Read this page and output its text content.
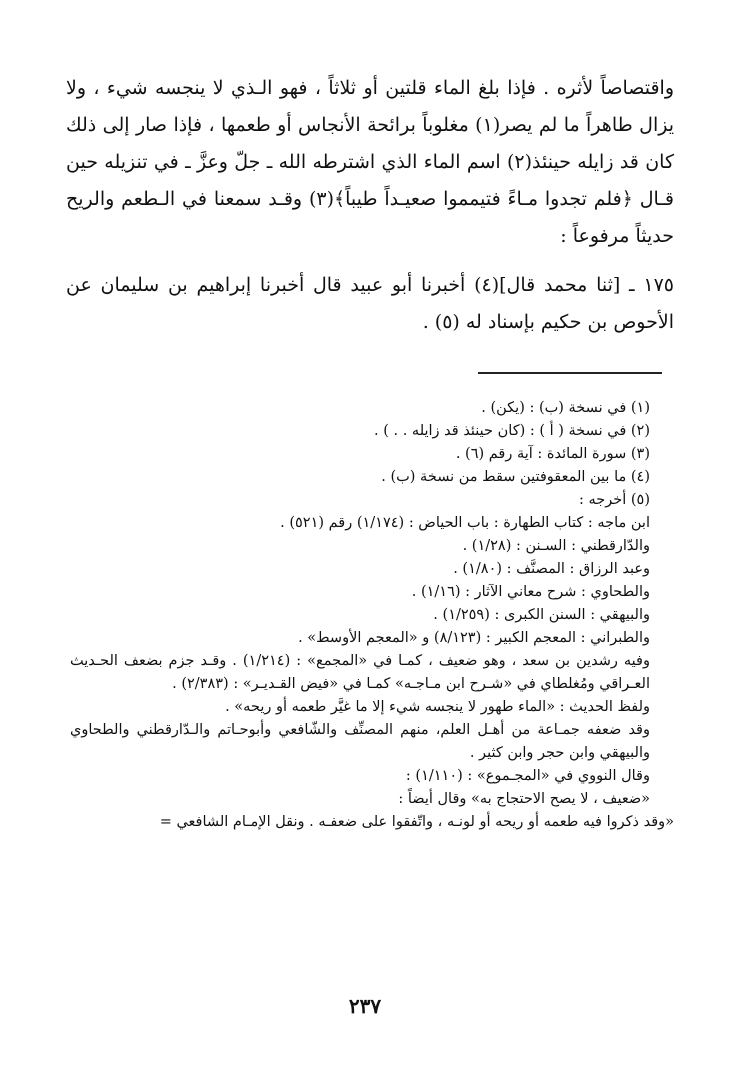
واقتصاصاً لأثره . فإذا بلغ الماء قلتين أو ثلاثاً ، فهو الـذي لا ينجسه شيء ، ولا يزال طاهراً ما لم يصر(١) مغلوباً برائحة الأنجاس أو طعمها ، فإذا صار إلى ذلك كان قد زايله حينئذ(٢) اسم الماء الذي اشترطه الله ـ جلّ وعزَّ ـ في تنزيله حين قـال ﴿فلم تجدوا مـاءً فتيمموا صعيـداً طيباً﴾(٣) وقـد سمعنا في الـطعم والريح حديثاً مرفوعاً :

١٧٥ ـ [ثنا محمد قال](٤) أخبرنا أبو عبيد قال أخبرنا إبراهيم بن سليمان عن الأحوص بن حكيم بإسناد له (٥) .

(١) في نسخة (ب) : (يكن) .
(٢) في نسخة ( أ ) : (كان حينئذ قد زايله . . ) .
(٣) سورة المائدة : آية رقم (٦) .
(٤) ما بين المعقوفتين سقط من نسخة (ب) .
(٥) أخرجه :
ابن ماجه : كتاب الطهارة : باب الحياض : (١/١٧٤) رقم (٥٢١) .
والدّارقطني : السـنن : (١/٢٨) .
وعبد الرزاق : المصنَّف : (١/٨٠) .
والطحاوي : شرح معاني الآثار : (١/١٦) .
والبيهقي : السنن الكبرى : (١/٢٥٩) .
والطبراني : المعجم الكبير : (٨/١٢٣) و «المعجم الأوسط» .
وفيه رشدين بن سعد ، وهو ضعيف ، كمـا في «المجمع» : (١/٢١٤) . وقـد جزم بضعف الحـديث العـراقي ومُغلطاي في «شـرح ابن مـاجـه» كمـا في «فيض القـديـر» : (٢/٣٨٣) .
ولفظ الحديث : «الماء طهور لا ينجسه شيء إلا ما غيَّر طعمه أو ريحه» .
وقد ضعفه جمـاعة من أهـل العلم، منهم المصنِّف والشّافعي وأبوحـاتم والـدّارقطني والطحاوي والبيهقي وابن حجر وابن كثير .
وقال النووي في «المجـموع» : (١/١١٠) :
«ضعيف ، لا يصح الاحتجاج به» وقال أيضاً :
«وقد ذكروا فيه طعمه أو ريحه أو لونـه ، واتّفقوا على ضعفـه . ونقل الإمـام الشافعي =
٢٣٧
